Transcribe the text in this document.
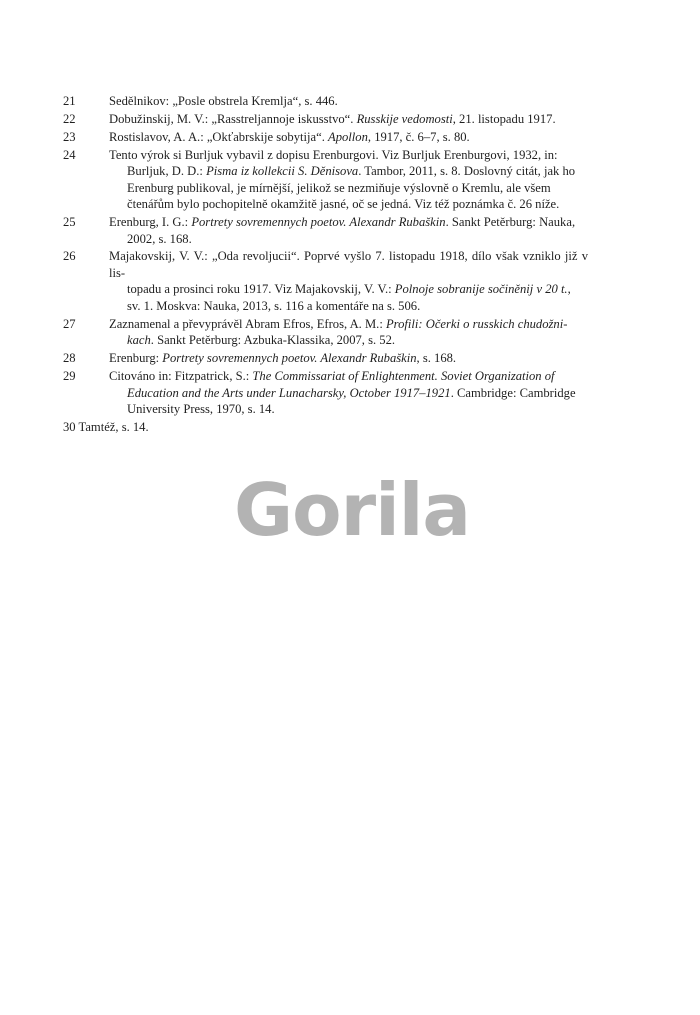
21	Sedělnikov: „Posle obstrela Kremlja“, s. 446.
22	Dobužinskij, M. V.: „Rasstreljannoje iskusstvo“. Russkije vedomosti, 21. listopadu 1917.
23	Rostislavov, A. A.: „Okťabrskije sobytija“. Apollon, 1917, č. 6–7, s. 80.
24	Tento výrok si Burljuk vybavil z dopisu Erenburgovi. Viz Burljuk Erenburgovi, 1932, in:
Burljuk, D. D.: Pisma iz kollekcii S. Děnisova. Tambor, 2011, s. 8. Doslovný citát, jak ho
Erenburg publikoval, je mírnější, jelikož se nezmiňuje výslovně o Kremlu, ale všem
čtenářům bylo pochopitelně okamžitě jasné, oč se jedná. Viz též poznámka č. 26 níže.
25	Erenburg, I. G.: Portrety sovremennych poetov. Alexandr Rubaškin. Sankt Petěrburg: Nauka,
2002, s. 168.
26	Majakovskij, V. V.: „Oda revoljucii“. Poprvé vyšlo 7. listopadu 1918, dílo však vzniklo již v lis-
topadu a prosinci roku 1917. Viz Majakovskij, V. V.: Polnoje sobranije sočiněnij v 20 t.,
sv. 1. Moskva: Nauka, 2013, s. 116 a komentáře na s. 506.
27	Zaznamenal a převyprávěl Abram Efros, Efros, A. M.: Profili: Očerki o russkich chudožni-
kach. Sankt Petěrburg: Azbuka-Klassika, 2007, s. 52.
28	Erenburg: Portrety sovremennych poetov. Alexandr Rubaškin, s. 168.
29	Citováno in: Fitzpatrick, S.: The Commissariat of Enlightenment. Soviet Organization of
Education and the Arts under Lunacharsky, October 1917–1921. Cambridge: Cambridge
University Press, 1970, s. 14.
30 Tamtéž, s. 14.
Gorila
